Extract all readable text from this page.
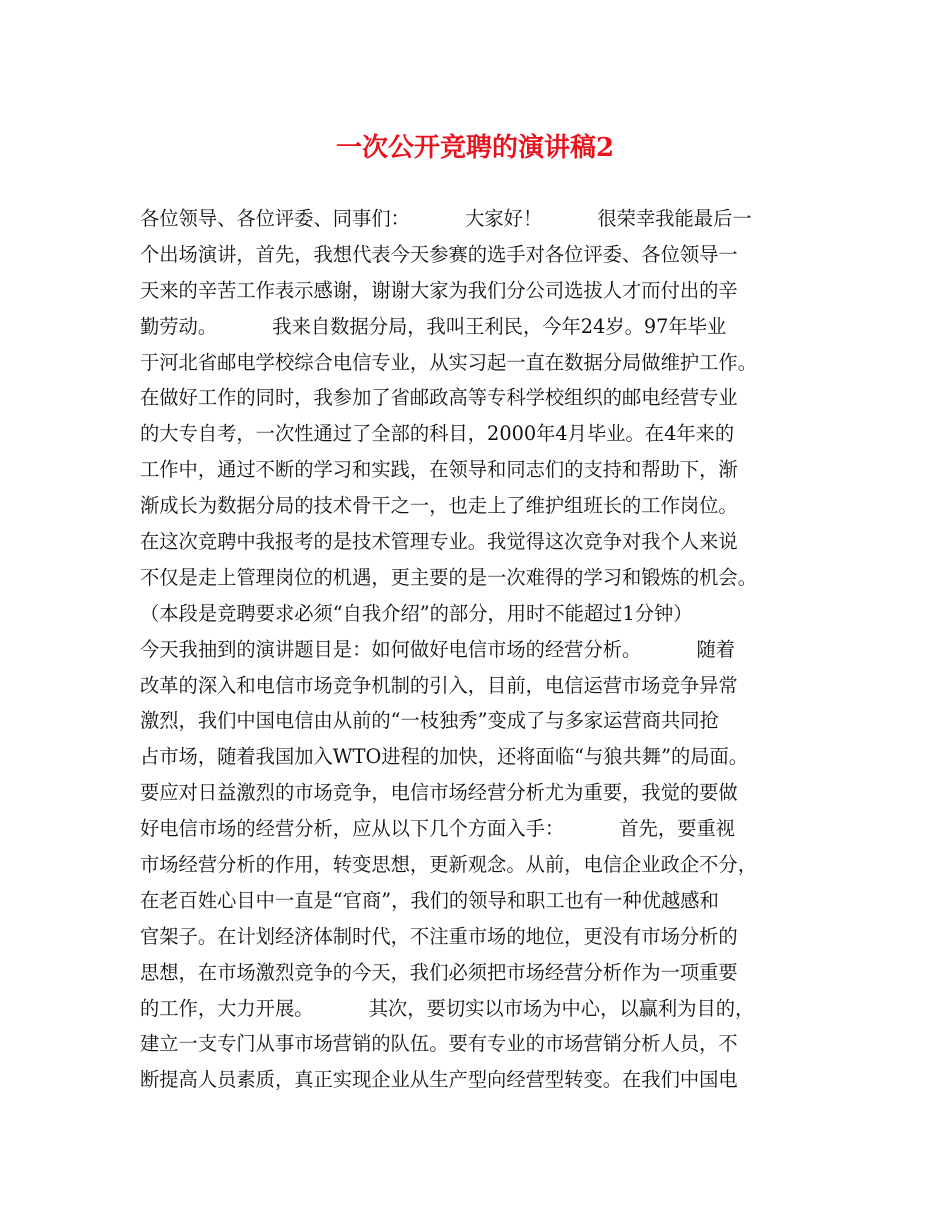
一次公开竞聘的演讲稿2
各位领导、各位评委、同事们：         大家好！         很荣幸我能最后一
个出场演讲，首先，我想代表今天参赛的选手对各位评委、各位领导一
天来的辛苦工作表示感谢，谢谢大家为我们分公司选拔人才而付出的辛
勤劳动。         我来自数据分局，我叫王利民，今年24岁。97年毕业
于河北省邮电学校综合电信专业，从实习起一直在数据分局做维护工作。
在做好工作的同时，我参加了省邮政高等专科学校组织的邮电经营专业
的大专自考，一次性通过了全部的科目，2000年4月毕业。在4年来的
工作中，通过不断的学习和实践，在领导和同志们的支持和帮助下，渐
渐成长为数据分局的技术骨干之一，也走上了维护组班长的工作岗位。
在这次竞聘中我报考的是技术管理专业。我觉得这次竞争对我个人来说
不仅是走上管理岗位的机遇，更主要的是一次难得的学习和锻炼的机会。
（本段是竞聘要求必须“自我介绍”的部分，用时不能超过1分钟）
今天我抽到的演讲题目是：如何做好电信市场的经营分析。         随着
改革的深入和电信市场竞争机制的引入，目前，电信运营市场竞争异常
激烈，我们中国电信由从前的“一枝独秀”变成了与多家运营商共同抢
占市场，随着我国加入WTO进程的加快，还将面临“与狼共舞”的局面。
要应对日益激烈的市场竞争，电信市场经营分析尤为重要，我觉的要做
好电信市场的经营分析，应从以下几个方面入手：         首先，要重视
市场经营分析的作用，转变思想，更新观念。从前，电信企业政企不分，
在老百姓心目中一直是“官商”，我们的领导和职工也有一种优越感和
官架子。在计划经济体制时代，不注重市场的地位，更没有市场分析的
思想，在市场激烈竞争的今天，我们必须把市场经营分析作为一项重要
的工作，大力开展。         其次，要切实以市场为中心，以赢利为目的，
建立一支专门从事市场营销的队伍。要有专业的市场营销分析人员，不
断提高人员素质，真正实现企业从生产型向经营型转变。在我们中国电
